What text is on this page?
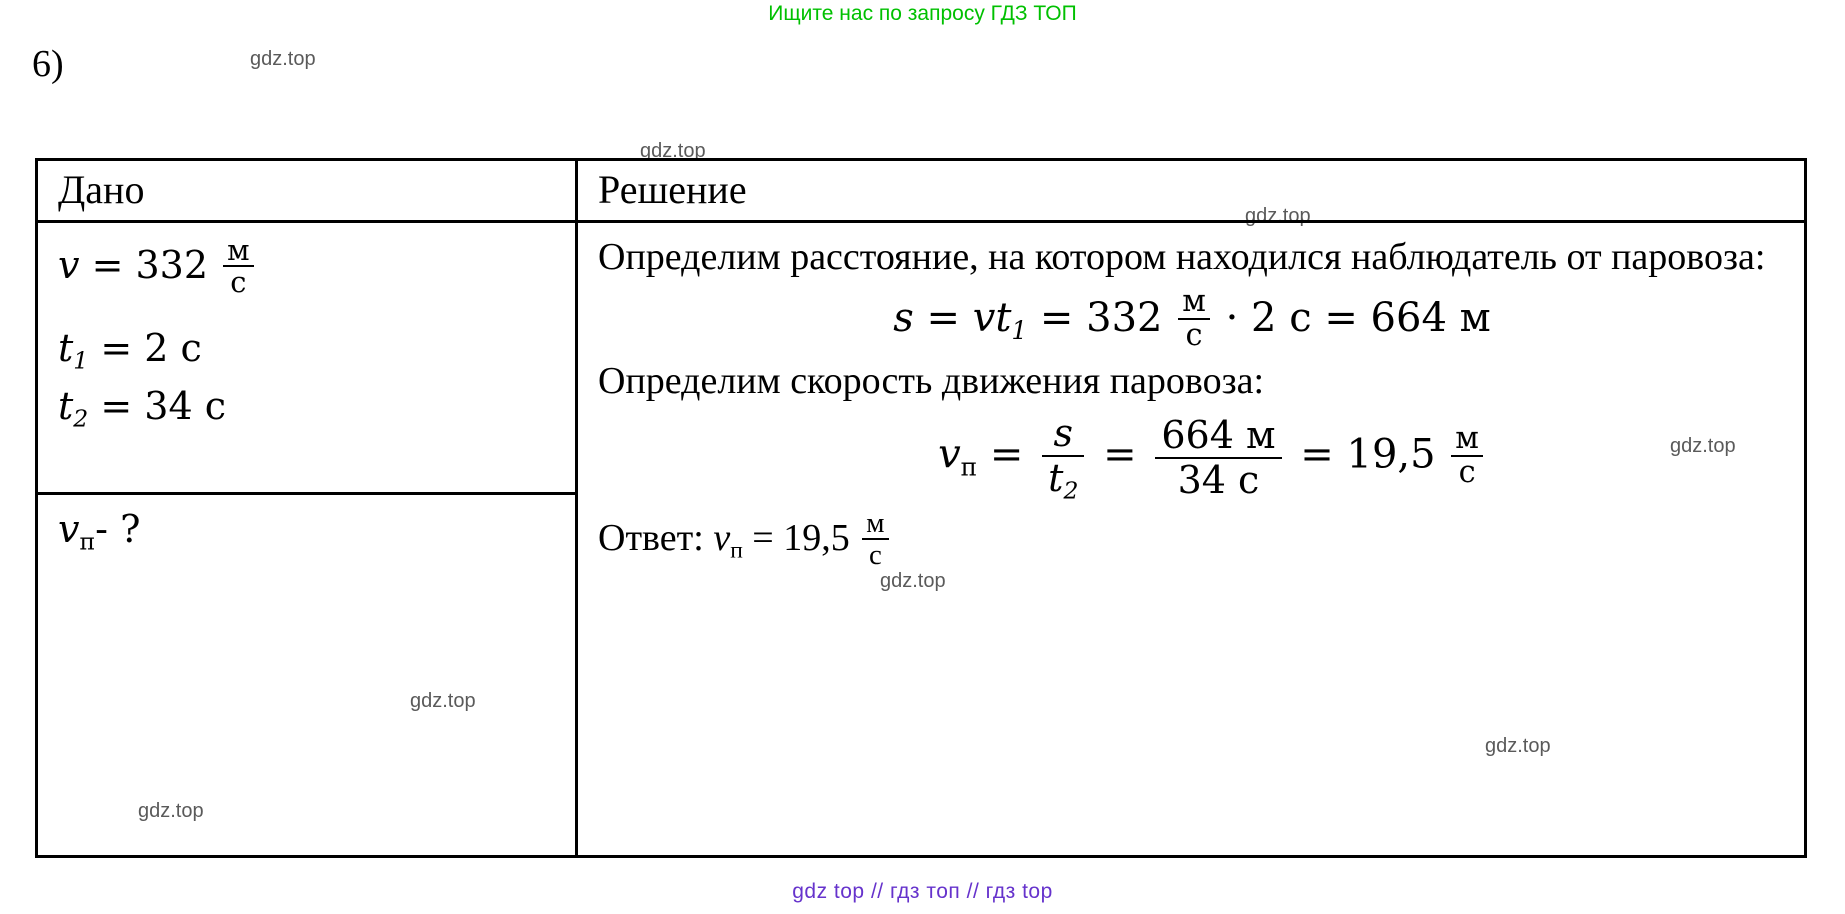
Ищите нас по запросу ГДЗ ТОП
6)	gdz.top
gdz.top
gdz.top
gdz.top
gdz.top
gdz.top
gdz.top
gdz.top
Дано
$v = 332 \frac{м}{с}$
$t_1 = 2$ с
$t_2 = 34$ с
vп- ?
Решение
Определим расстояние, на котором находился наблюдатель от паровоза:
$s = vt_1 = 332 \frac{м}{с} \cdot 2$ с = 664 м
Определим скорость движения паровоза:
vп = $\frac{s}{t_2} = \frac{664 м}{34 с} = 19,5 \frac{м}{с}$
Ответ: vп = $19,5 \frac{м}{с}$
gdz top // гдз топ // гдз top
